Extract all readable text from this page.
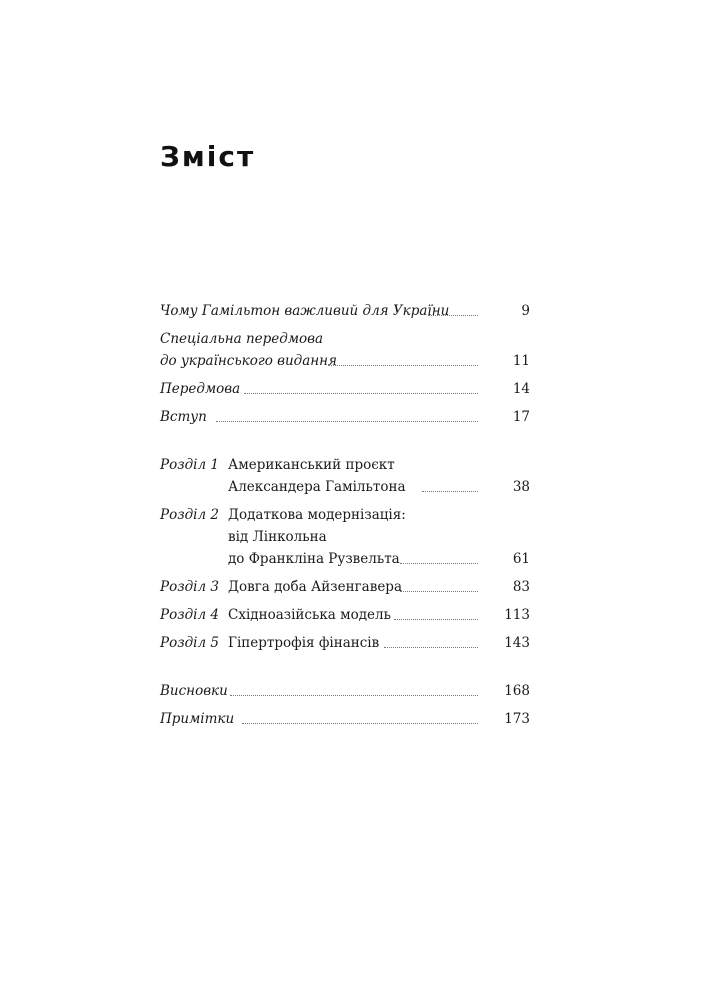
Зміст
Чому Гамільтон важливий для України	9
Спеціальна передмова
до українського видання	11
Передмова	14
Вступ	17
Розділ 1 Американський проєкт
Александера Гамільтона	38
Розділ 2 Додаткова модернізація:
від Лінкольна
до Франкліна Рузвельта	61
Розділ 3 Довга доба Айзенгавера	83
Розділ 4 Східноазійська модель	113
Розділ 5 Гіпертрофія фінансів	143
Висновки	168
Примітки	173
